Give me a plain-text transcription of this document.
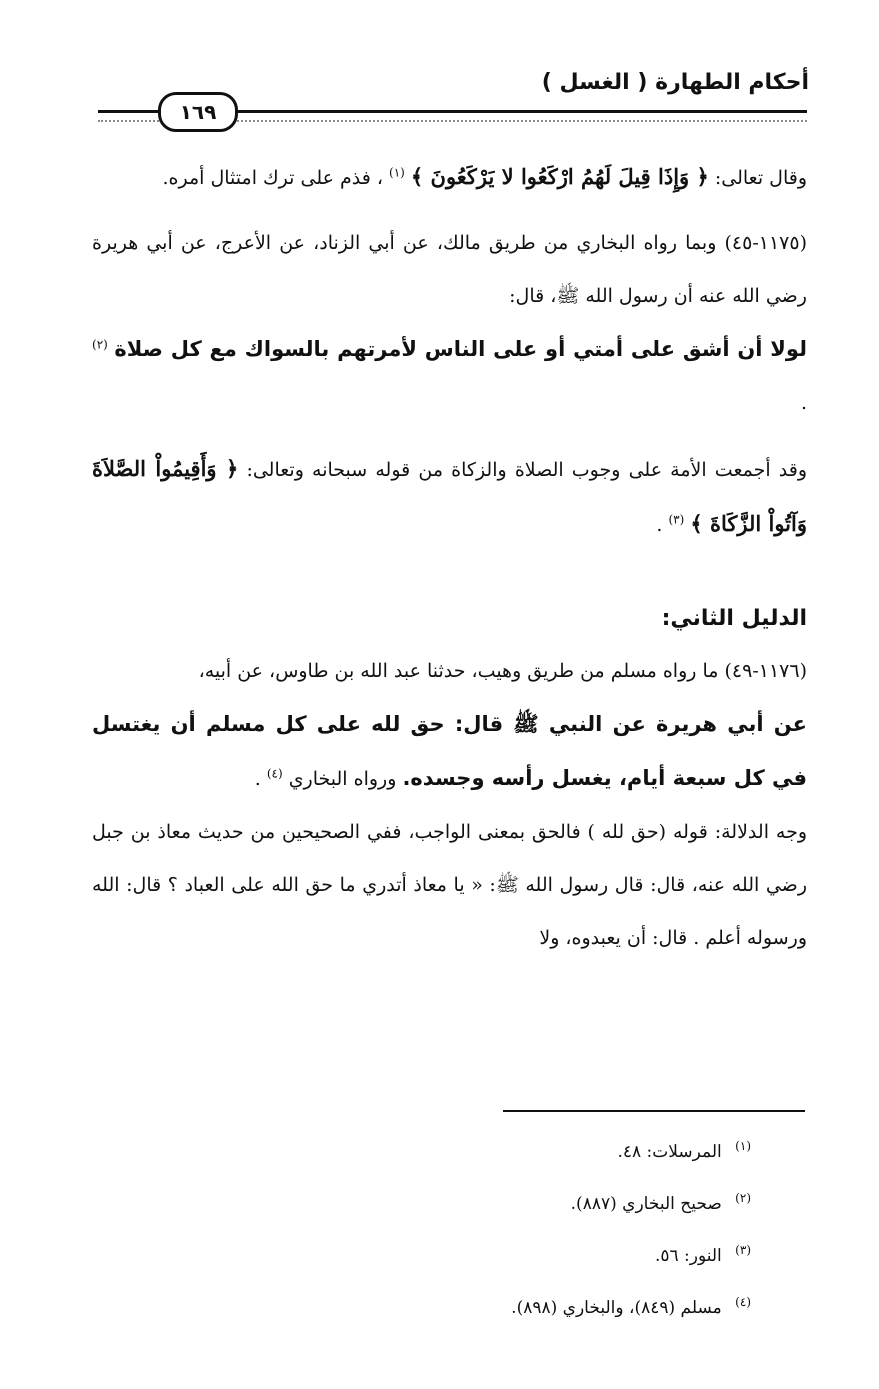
أحكام الطهارة ( الغسل )
١٦٩

وقال تعالى: ﴿ وَإِذَا قِيلَ لَهُمُ ارْكَعُوا لا يَرْكَعُونَ ﴾ $^{(١)}$ ، فذم على ترك امتثال أمره.

(١١٧٥-٤٥) وبما رواه البخاري من طريق مالك، عن أبي الزناد، عن الأعرج، عن أبي هريرة رضي الله عنه أن رسول الله ﷺ، قال:

لولا أن أشق على أمتي أو على الناس لأمرتهم بالسواك مع كل صلاة $^{(٢)}$ .

وقد أجمعت الأمة على وجوب الصلاة والزكاة من قوله سبحانه وتعالى: ﴿ وَأَقِيمُواْ الصَّلاَةَ وَآتُواْ الزَّكَاةَ ﴾ $^{(٣)}$ .

الدليل الثاني:

(١١٧٦-٤٩) ما رواه مسلم من طريق وهيب، حدثنا عبد الله بن طاوس، عن أبيه،

عن أبي هريرة عن النبي ﷺ قال: حق لله على كل مسلم أن يغتسل في كل سبعة أيام، يغسل رأسه وجسده. ورواه البخاري $^{(٤)}$ .

وجه الدلالة: قوله (حق لله ) فالحق بمعنى الواجب، ففي الصحيحين من حديث معاذ بن جبل رضي الله عنه، قال: قال رسول الله ﷺ: « يا معاذ أتدري ما حق الله على العباد ؟ قال: الله ورسوله أعلم . قال: أن يعبدوه، ولا

$^{(١)}$ المرسلات: ٤٨.

$^{(٢)}$ صحيح البخاري (٨٨٧).

$^{(٣)}$ النور: ٥٦.

$^{(٤)}$ مسلم (٨٤٩)، والبخاري (٨٩٨).
